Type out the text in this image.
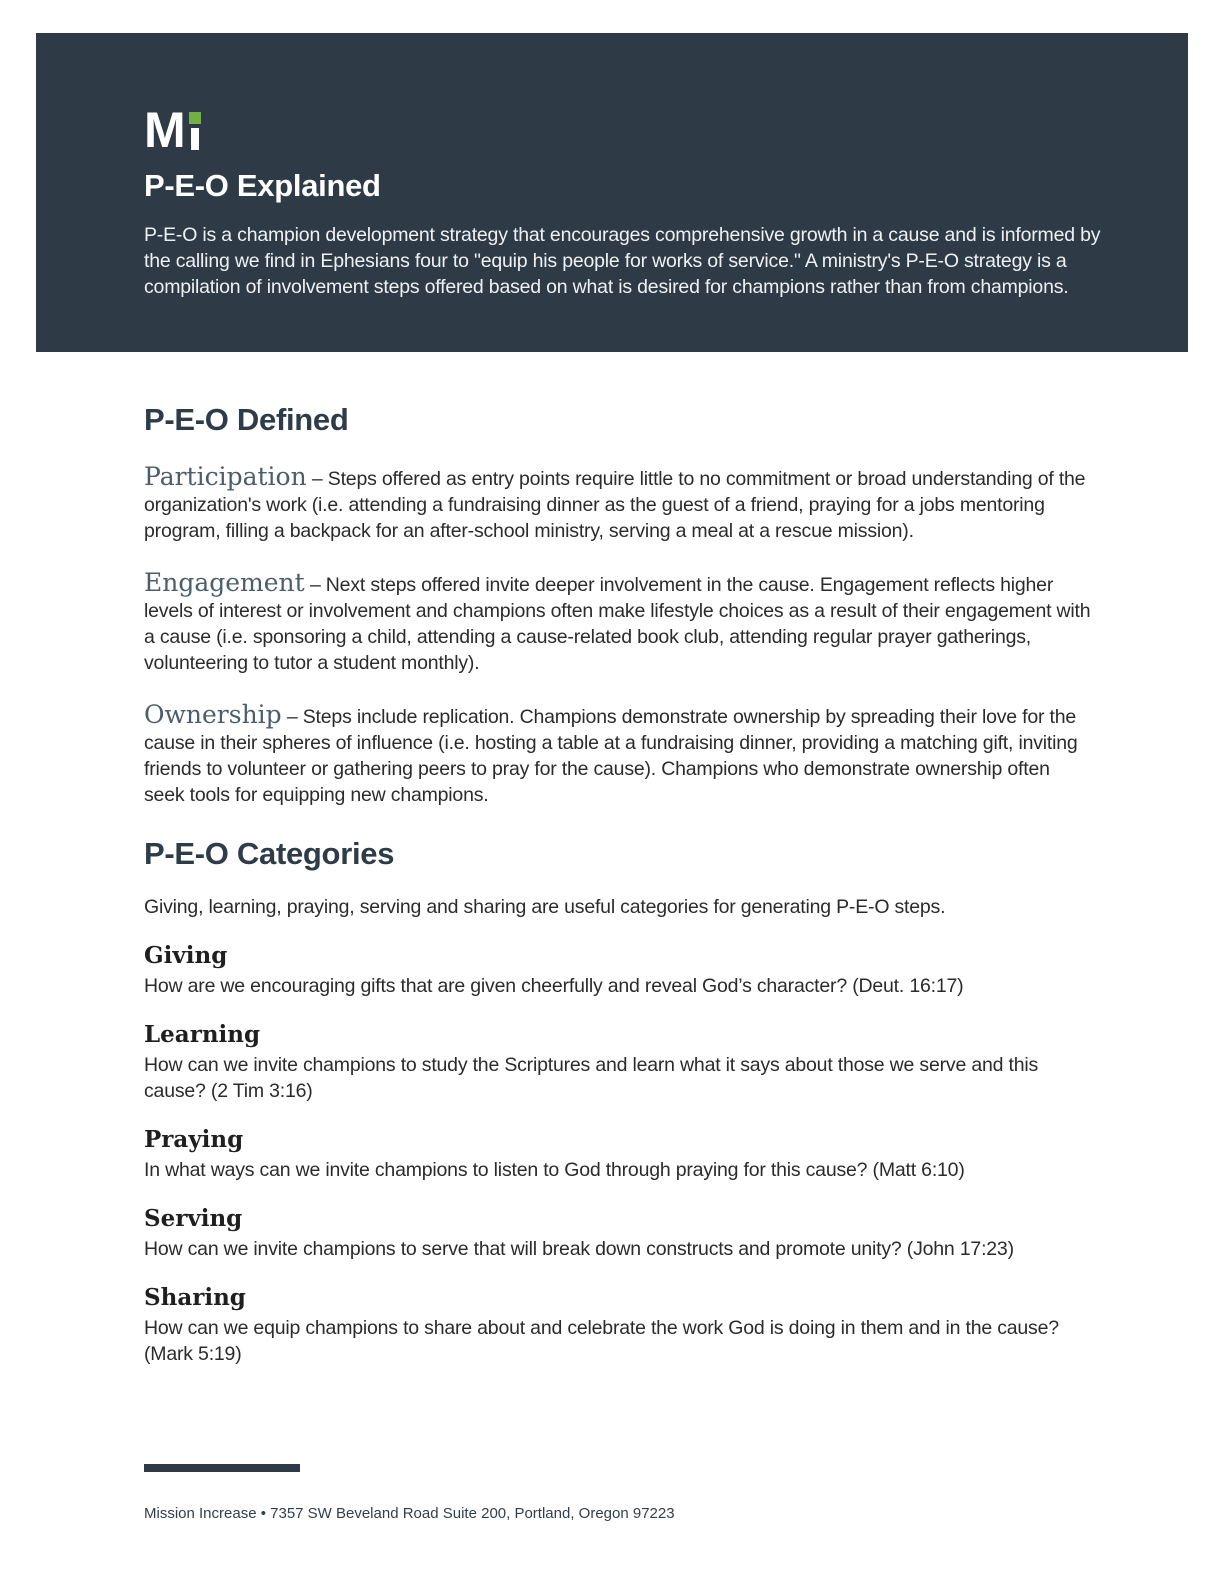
M
P-E-O Explained

P-E-O is a champion development strategy that encourages comprehensive growth in a cause and is informed by the calling we find in Ephesians four to "equip his people for works of service." A ministry's P-E-O strategy is a compilation of involvement steps offered based on what is desired for champions rather than from champions.

P-E-O Defined

Participation – Steps offered as entry points require little to no commitment or broad understanding of the organization's work (i.e. attending a fundraising dinner as the guest of a friend, praying for a jobs mentoring program, filling a backpack for an after-school ministry, serving a meal at a rescue mission).

Engagement – Next steps offered invite deeper involvement in the cause. Engagement reflects higher levels of interest or involvement and champions often make lifestyle choices as a result of their engagement with a cause (i.e. sponsoring a child, attending a cause-related book club, attending regular prayer gatherings, volunteering to tutor a student monthly).

Ownership – Steps include replication. Champions demonstrate ownership by spreading their love for the cause in their spheres of influence (i.e. hosting a table at a fundraising dinner, providing a matching gift, inviting friends to volunteer or gathering peers to pray for the cause). Champions who demonstrate ownership often seek tools for equipping new champions.

P-E-O Categories

Giving, learning, praying, serving and sharing are useful categories for generating P-E-O steps.

Giving

How are we encouraging gifts that are given cheerfully and reveal God’s character? (Deut. 16:17)

Learning

How can we invite champions to study the Scriptures and learn what it says about those we serve and this cause? (2 Tim 3:16)

Praying

In what ways can we invite champions to listen to God through praying for this cause? (Matt 6:10)

Serving

How can we invite champions to serve that will break down constructs and promote unity? (John 17:23)

Sharing

How can we equip champions to share about and celebrate the work God is doing in them and in the cause? (Mark 5:19)

Mission Increase • 7357 SW Beveland Road Suite 200, Portland, Oregon 97223
